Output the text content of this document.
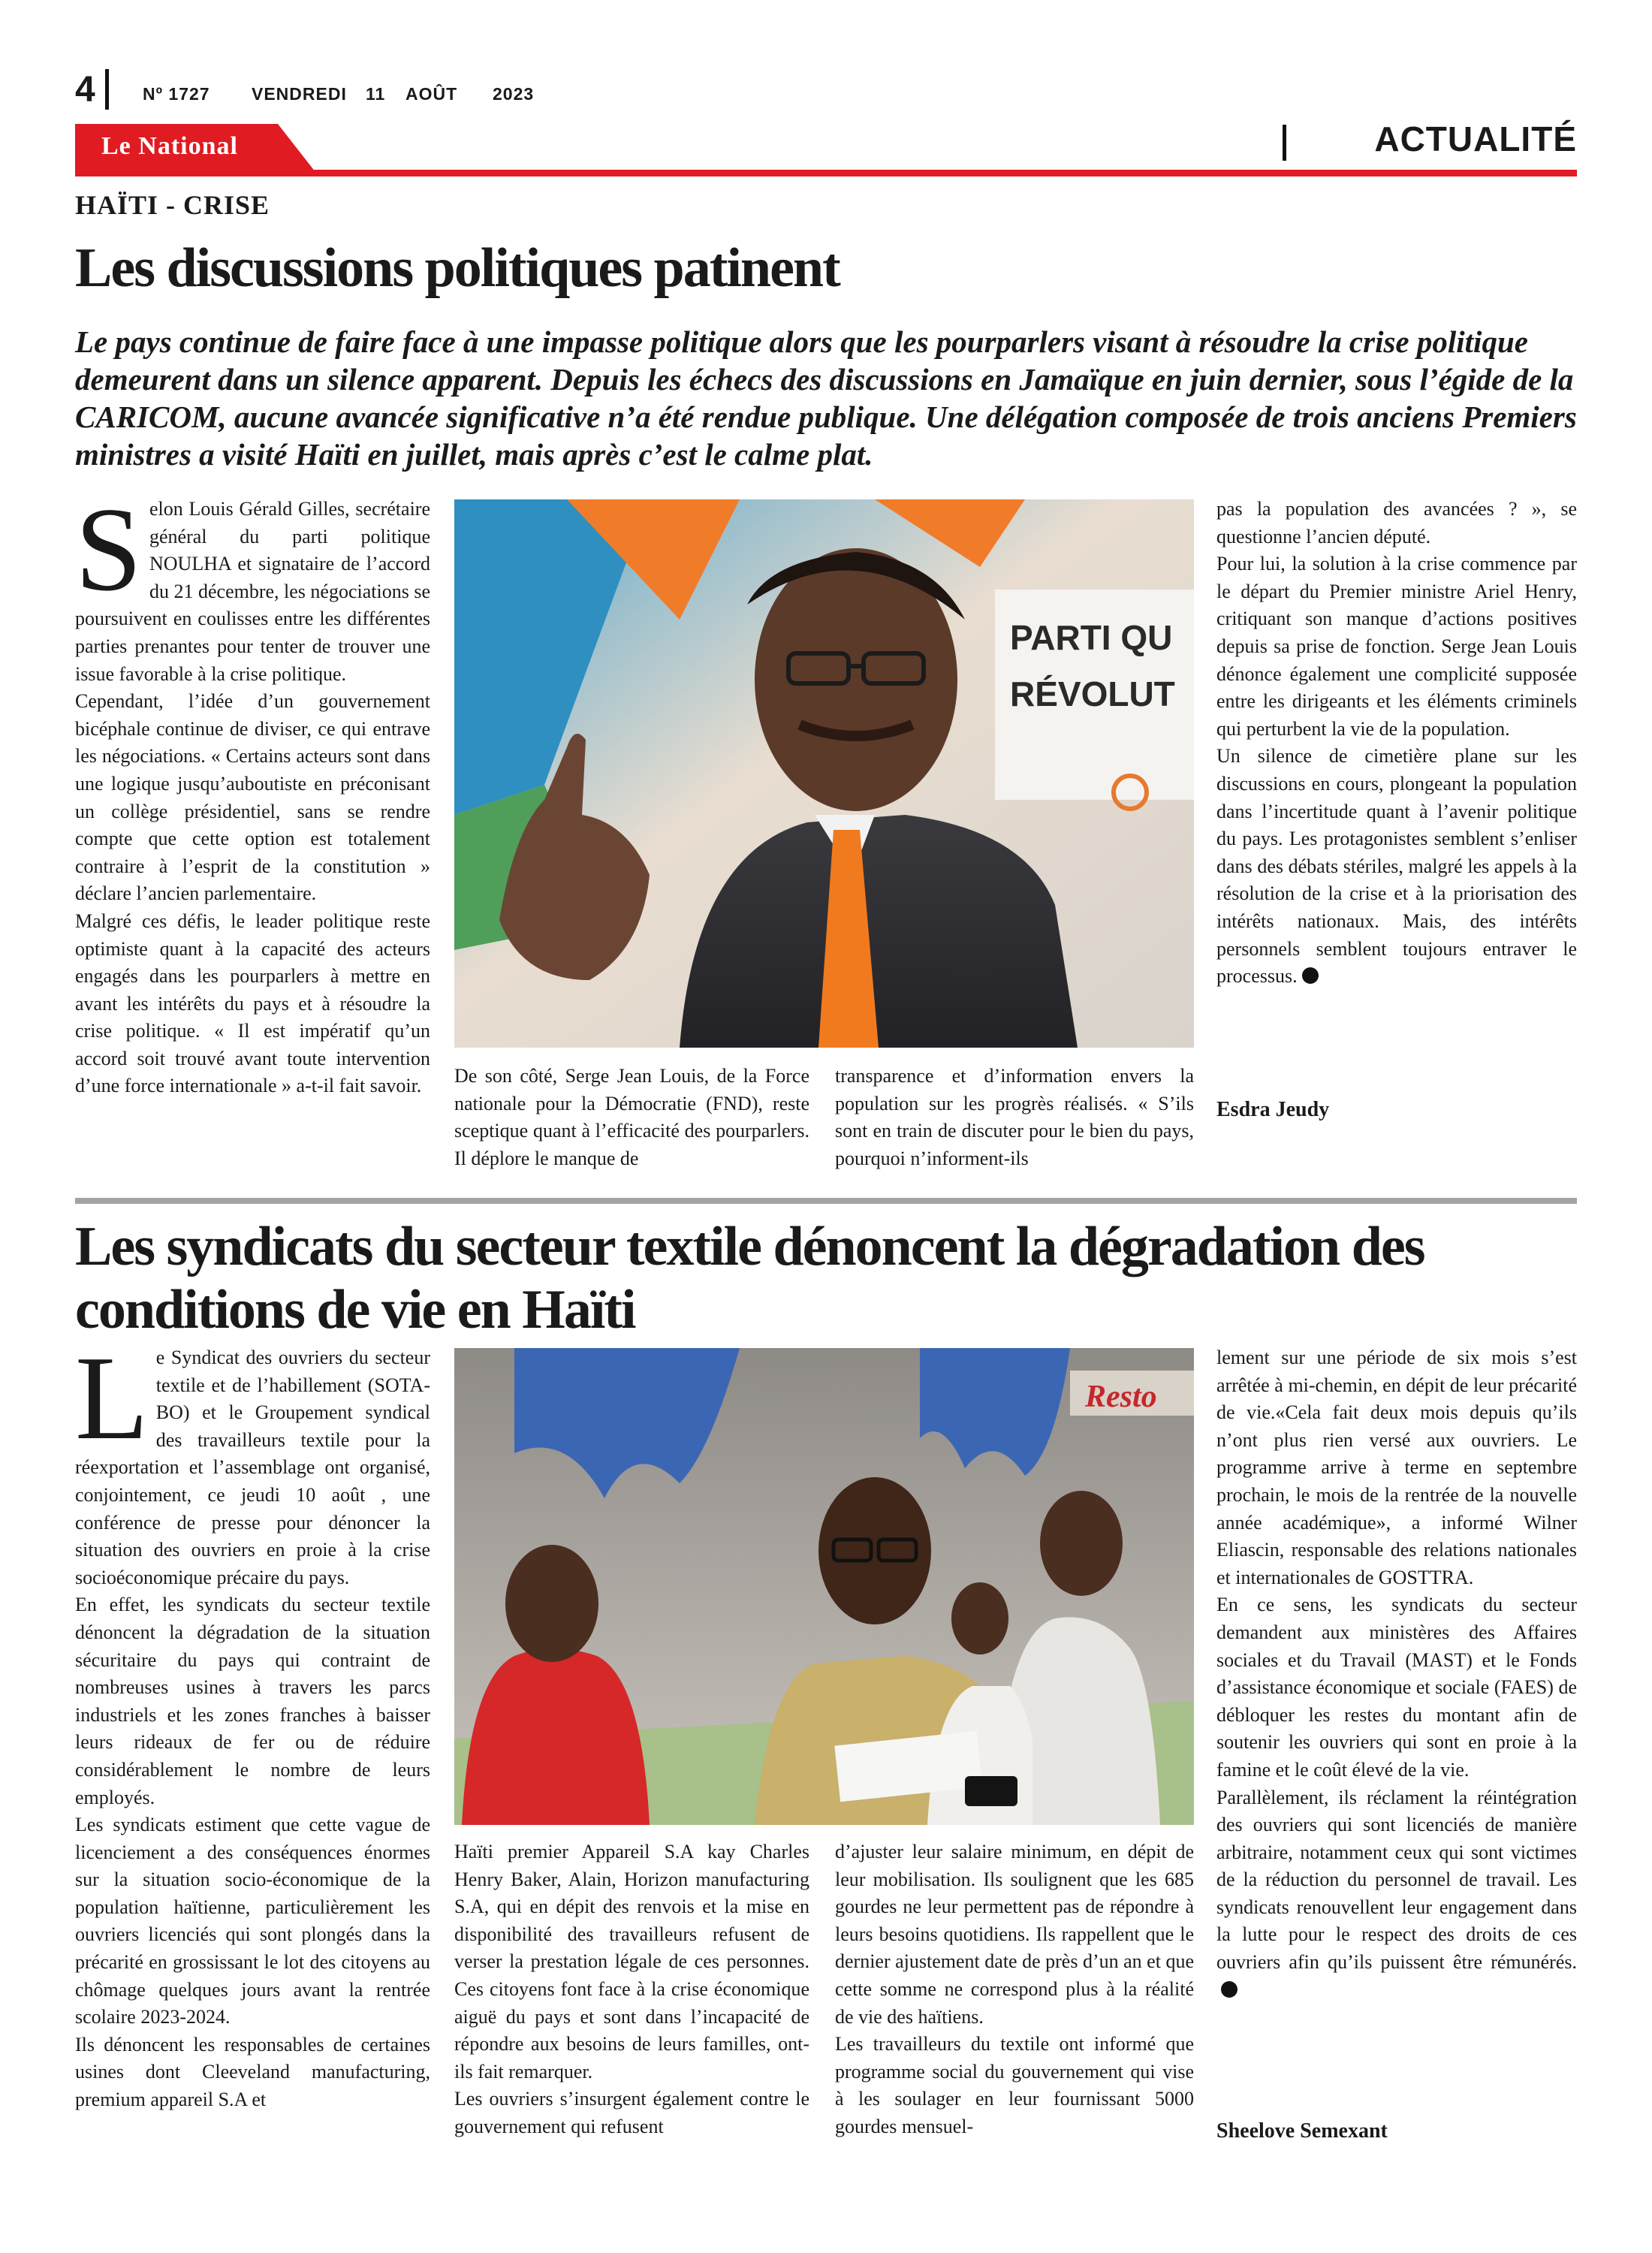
4	Nº 1727 VENDREDI 11 AOÛT 2023
Le National	ACTUALITÉ
HAÏTI - CRISE
Les discussions politiques patinent
Le pays continue de faire face à une impasse politique alors que les pourparlers visant à résoudre la crise politique demeurent dans un silence apparent. Depuis les échecs des discussions en Jamaïque en juin dernier, sous l’égide de la CARICOM, aucune avancée significative n’a été rendue publique. Une délégation composée de trois anciens Premiers ministres a visité Haïti en juillet, mais après c’est le calme plat.

Selon Louis Gérald Gilles, secrétaire général du parti politique NOULHA et signataire de l’accord du 21 décembre, les négociations se poursuivent en coulisses entre les différentes parties prenantes pour tenter de trouver une issue favorable à la crise politique.

Cependant, l’idée d’un gouvernement bicéphale continue de diviser, ce qui entrave les négociations. « Certains acteurs sont dans une logique jusqu’auboutiste en préconisant un collège présidentiel, sans se rendre compte que cette option est totalement contraire à l’esprit de la constitution » déclare l’ancien parlementaire.

Malgré ces défis, le leader politique reste optimiste quant à la capacité des acteurs engagés dans les pourparlers à mettre en avant les intérêts du pays et à résoudre la crise politique. « Il est impératif qu’un accord soit trouvé avant toute intervention d’une force internationale » a-t-il fait savoir.

PARTI QU
RÉVOLUT

De son côté, Serge Jean Louis, de la Force nationale pour la Démocratie (FND), reste sceptique quant à l’efficacité des pourparlers. Il déplore le manque de

transparence et d’information envers la population sur les progrès réalisés. « S’ils sont en train de discuter pour le bien du pays, pourquoi n’informent-ils

pas la population des avancées ? », se questionne l’ancien député.

Pour lui, la solution à la crise commence par le départ du Premier ministre Ariel Henry, critiquant son manque d’actions positives depuis sa prise de fonction. Serge Jean Louis dénonce également une complicité supposée entre les dirigeants et les éléments criminels qui perturbent la vie de la population.

Un silence de cimetière plane sur les discussions en cours, plongeant la population dans l’incertitude quant à l’avenir politique du pays. Les protagonistes semblent s’enliser dans des débats stériles, malgré les appels à la résolution de la crise et à la priorisation des intérêts nationaux. Mais, des intérêts personnels semblent toujours entraver le processus.

Esdra Jeudy
Les syndicats du secteur textile dénoncent la dégradation des conditions de vie en Haïti

Le Syndicat des ouvriers du secteur textile et de l’habillement (SOTA-BO) et le Groupement syndical des travailleurs textile pour la réexportation et l’assemblage ont organisé, conjointement, ce jeudi 10 août , une conférence de presse pour dénoncer la situation des ouvriers en proie à la crise socioéconomique précaire du pays.

En effet, les syndicats du secteur textile dénoncent la dégradation de la situation sécuritaire du pays qui contraint de nombreuses usines à travers les parcs industriels et les zones franches à baisser leurs rideaux de fer ou de réduire considérablement le nombre de leurs employés.

Les syndicats estiment que cette vague de licenciement a des conséquences énormes sur la situation socio-économique de la population haïtienne, particulièrement les ouvriers licenciés qui sont plongés dans la précarité en grossissant le lot des citoyens au chômage quelques jours avant la rentrée scolaire 2023-2024.

Ils dénoncent les responsables de certaines usines dont Cleeveland manufacturing, premium appareil S.A et

Resto

Haïti premier Appareil S.A kay Charles Henry Baker, Alain, Horizon manufacturing S.A, qui en dépit des renvois et la mise en disponibilité des travailleurs refusent de verser la prestation légale de ces personnes. Ces citoyens font face à la crise économique aiguë du pays et sont dans l’incapacité de répondre aux besoins de leurs familles, ont-ils fait remarquer.

Les ouvriers s’insurgent également contre le gouvernement qui refusent

d’ajuster leur salaire minimum, en dépit de leur mobilisation. Ils soulignent que les 685 gourdes ne leur permettent pas de répondre à leurs besoins quotidiens. Ils rappellent que le dernier ajustement date de près d’un an et que cette somme ne correspond plus à la réalité de vie des haïtiens.

Les travailleurs du textile ont informé que programme social du gouvernement qui vise à les soulager en leur fournissant 5000 gourdes mensuel-

lement sur une période de six mois s’est arrêtée à mi-chemin, en dépit de leur précarité de vie.«Cela fait deux mois depuis qu’ils n’ont plus rien versé aux ouvriers. Le programme arrive à terme en septembre prochain, le mois de la rentrée de la nouvelle année académique», a informé Wilner Eliascin, responsable des relations nationales et internationales de GOSTTRA.

En ce sens, les syndicats du secteur demandent aux ministères des Affaires sociales et du Travail (MAST) et le Fonds d’assistance économique et sociale (FAES) de débloquer les restes du montant afin de soutenir les ouvriers qui sont en proie à la famine et le coût élevé de la vie.

Parallèlement, ils réclament la réintégration des ouvriers qui sont licenciés de manière arbitraire, notamment ceux qui sont victimes de la réduction du personnel de travail. Les syndicats renouvellent leur engagement dans la lutte pour le respect des droits de ces ouvriers afin qu’ils puissent être rémunérés.

Sheelove Semexant
